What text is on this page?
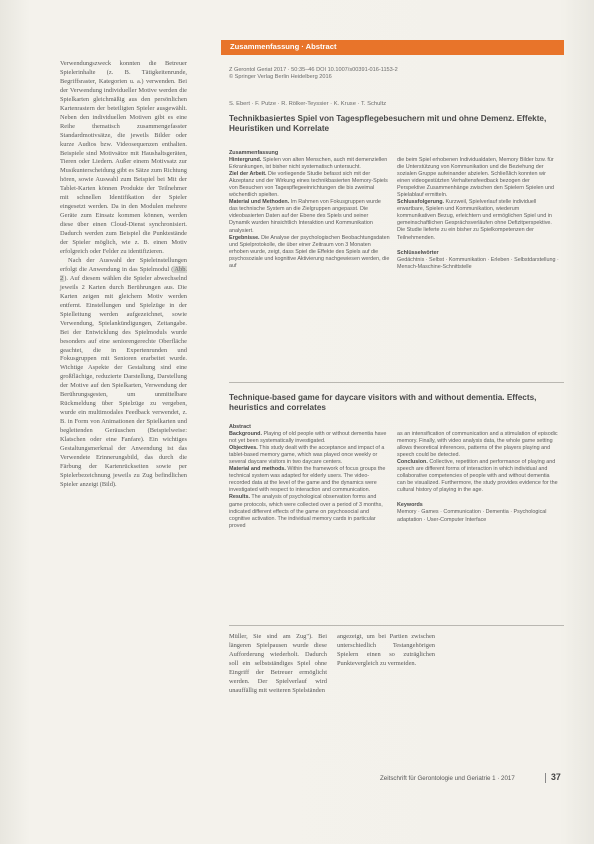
Verwendungszweck konnten die Betreuer Spielerinhalte (z. B. Tätigkeitenrunde, Begriffsraster, Kategorien u. a.) verwenden. Bei der Verwendung individueller Motive werden die Spielkarten gleichmäßig aus den persönlichen Kartenrastern der beteiligten Spieler ausgewählt. Neben den individuellen Motiven gibt es eine Reihe thematisch zusammengefasster Standardmotivsätze, die jeweils Bilder oder kurze Audios bzw. Videosequenzen enthalten. Beispiele sind Motivsätze mit Haushaltsgeräten, Tieren oder Liedern. Außer einem Motivsatz zur Musikunterscheidung gibt es Sätze zum Richtung hören, sowie Auswahl zum Beispiel bei Mit der Tablet-Karten können Produkte der Teilnehmer mit schnellen Identifikation der Spieler eingesetzt werden. Da in den Modulen mehrere Geräte zum Einsatz kommen können, werden diese über einen Cloud-Dienst synchronisiert. Dadurch werden zum Beispiel die Punktestände der Spieler möglich, wie z. B. einen Motiv erfolgreich oder Felder zu identifizieren.

Nach der Auswahl der Spieleinstellungen erfolgt die Anwendung in das Spielmodul (Abb. 2). Auf diesem wählen die Spieler abwechselnd jeweils 2 Karten durch Berührungen aus. Die Karten zeigen mit gleichem Motiv werden entfernt. Einstellungen und Spielzüge in der Spielleitung werden aufgezeichnet, sowie Verwendung, Spielankündigungen, Zeitangabe. Bei der Entwicklung des Spielmoduls wurde besonders auf eine seniorengerechte Oberfläche geachtet, die in Expertenrunden und Fokusgruppen mit Senioren erarbeitet wurde. Wichtige Aspekte der Gestaltung sind eine großflächige, reduzierte Darstellung, Darstellung der Motive auf den Spielkarten, Verwendung der Berührungsgesten, um unmittelbare Rückmeldung über Spielzüge zu vergeben, wurde ein multimodales Feedback verwendet, z. B. in Form von Animationen der Spielkarten und begleitenden Geräuschen (Beispielweise: Klatschen oder eine Fanfare). Ein wichtiges Gestaltungsmerkmal der Anwendung ist das Verwendete Erinnerungsbild, das durch die Färbung der Kartenrückseiten sowie per Spielerbezeichnung jeweils zu Zug befindlichen Spieler anzeigt (Bild).

Zusammenfassung · Abstract
Z Gerontol Geriat 2017 · 50:35–46 DOI 10.1007/s00391-016-1153-2
© Springer Verlag Berlin Heidelberg 2016
S. Ebert · F. Putze · R. Rölker-Teyssier · K. Kruse · T. Schultz
Technikbasiertes Spiel von Tagespflegebesuchern mit und ohne Demenz. Effekte, Heuristiken und Korrelate

Zusammenfassung

Hintergrund. Spielen von alten Menschen, auch mit demenziellen Erkrankungen, ist bisher nicht systematisch untersucht.

Ziel der Arbeit. Die vorliegende Studie befasst sich mit der Akzeptanz und der Wirkung eines technikbasierten Memory-Spiels von Besuchen von Tagespflegeeinrichtungen die bis zweimal wöchentlich spielten.

Material und Methoden. Im Rahmen von Fokusgruppen wurde das technische System an die Zielgruppen angepasst. Die videobasierten Daten auf der Ebene des Spiels und seiner Dynamik wurden hinsichtlich Interaktion und Kommunikation analysiert.

Ergebnisse. Die Analyse der psychologischen Beobachtungsdaten und Spielprotokolle, die über einer Zeitraum von 3 Monaten erhoben wurde, zeigt, dass Spiel die Effekte des Spiels auf die psychosoziale und kognitive Aktivierung nachgewiesen werden, die auf

die beim Spiel erhobenen Individualdaten, Memory Bilder bzw. für die Unterstützung von Kommunikation und die Beziehung der sozialen Gruppe aufeinander abzielen. Schließlich konnten wir einen videogestützten Verhaltensfeedback bezogen der Perspektive Zusammenhänge zwischen den Spielern Spielen und Spielablauf ermitteln.

Schlussfolgerung. Kurzweil, Spielverlauf stelle individuell erwartbare, Spielen und Kommunikation, wiederum kommunikativen Bezug, erleichtern und ermöglichen Spiel und in gemeinschaftlichen Gesprächsverläufen ohne Defizitperspektive. Die Studie lieferte zu ein bisher zu Spielkompetenzen der Teilnehmenden.

Schlüsselwörter

Gedächtnis · Selbst · Kommunikation · Erleben · Selbstdarstellung · Mensch-Maschine-Schnittstelle

Technique-based game for daycare visitors with and without dementia. Effects, heuristics and correlates

Abstract

Background. Playing of old people with or without dementia have not yet been systematically investigated.

Objectives. This study dealt with the acceptance and impact of a tablet-based memory game, which was played once weekly or several daycare visitors in two daycare centers.

Material and methods. Within the framework of focus groups the technical system was adapted for elderly users. The video-recorded data at the level of the game and the dynamics were investigated with respect to interaction and communication.

Results. The analysis of psychological observation forms and game protocols, which were collected over a period of 3 months, indicated different effects of the game on psychosocial and cognitive activation. The individual memory cards in particular proved

as an intensification of communication and a stimulation of episodic memory. Finally, with video analysis data, the whole game setting allows theoretical inferences, patterns of the players playing and speech could be detected.

Conclusion. Collective, repetition and performance of playing and speech are different forms of interaction in which individual and collaborative competencies of people with and without dementia can be visualized. Furthermore, the study provides evidence for the cultural history of playing in the age.

Keywords

Memory · Games · Communication · Dementia · Psychological adaptation · User-Computer Interface

Müller, Sie sind am Zug"). Bei längeren Spielpausen wurde diese Aufforderung wiederholt. Dadurch soll ein selbstständiges Spiel ohne Eingriff der Betreuer ermöglicht werden. Der Spielverlauf wird unauffällig mit weiteren Spielständen

angezeigt, um bei Partien zwischen unterschiedlich Testangehörigen Spielern einen so zuträglichen Punktevergleich zu vermeiden.

Zeitschrift für Gerontologie und Geriatrie 1 · 2017	37
